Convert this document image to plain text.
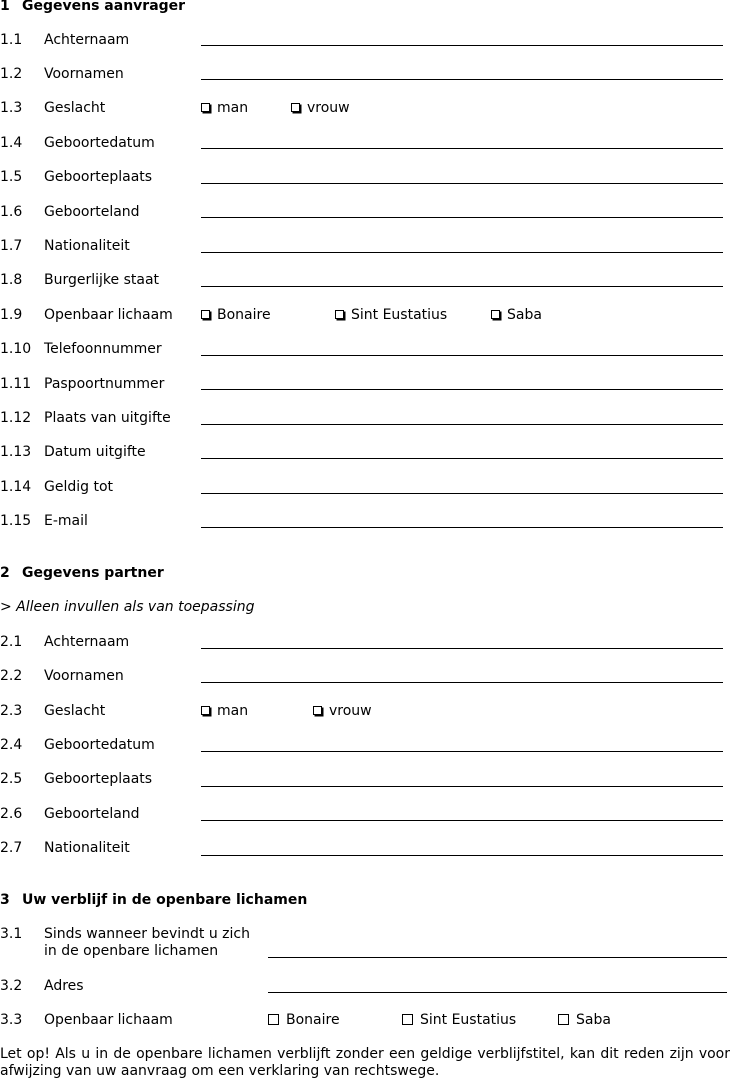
1 Gegevens aanvrager
1.1 Achternaam
1.2 Voornamen
1.3 Geslacht	man	vrouw
1.4 Geboortedatum
1.5 Geboorteplaats
1.6 Geboorteland
1.7 Nationaliteit
1.8 Burgerlijke staat
1.9 Openbaar lichaam	Bonaire	Sint Eustatius	Saba
1.10 Telefoonnummer
1.11 Paspoortnummer
1.12 Plaats van uitgifte
1.13 Datum uitgifte
1.14 Geldig tot
1.15 E-mail
2 Gegevens partner
> Alleen invullen als van toepassing
2.1 Achternaam
2.2 Voornamen
2.3 Geslacht	man	vrouw
2.4 Geboortedatum
2.5 Geboorteplaats
2.6 Geboorteland
2.7 Nationaliteit
3 Uw verblijf in de openbare lichamen
3.1 Sinds wanneer bevindt u zich
in de openbare lichamen
3.2 Adres
3.3 Openbaar lichaam	Bonaire	Sint Eustatius	Saba
Let op! Als u in de openbare lichamen verblijft zonder een geldige verblijfstitel, kan dit reden zijn voor afwijzing van uw aanvraag om een verklaring van rechtswege.
